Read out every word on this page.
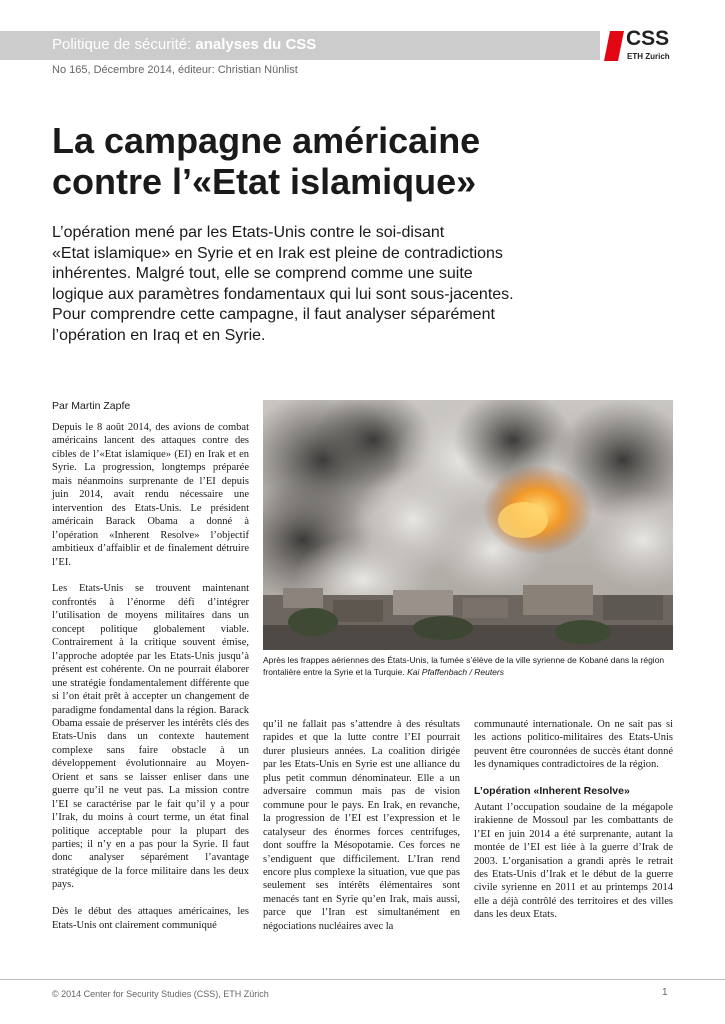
Politique de sécurité: analyses du CSS	CSS
ETH Zurich
No 165, Décembre 2014, éditeur: Christian Nünlist
La campagne américaine
contre l’«Etat islamique»
L’opération mené par les Etats-Unis contre le soi-disant
«Etat islamique» en Syrie et en Irak est pleine de contradictions
inhérentes. Malgré tout, elle se comprend comme une suite
logique aux paramètres fondamentaux qui lui sont sous-jacentes.
Pour comprendre cette campagne, il faut analyser séparément
l’opération en Iraq et en Syrie.
Par Martin Zapfe

Depuis le 8 août 2014, des avions de combat américains lancent des attaques contre des cibles de l’«Etat islamique» (EI) en Irak et en Syrie. La progression, longtemps préparée mais néanmoins surprenante de l’EI depuis juin 2014, avait rendu nécessaire une intervention des Etats-Unis. Le président américain Barack Obama a donné à l’opération «Inherent Resolve» l’objectif ambitieux d’affaiblir et de finalement détruire l’EI.

Les Etats-Unis se trouvent maintenant confrontés à l’énorme défi d’intégrer l’utilisation de moyens militaires dans un concept politique globalement viable. Contrairement à la critique souvent émise, l’approche adoptée par les Etats-Unis jusqu’à présent est cohérente. On ne pourrait élaborer une stratégie fondamentalement différente que si l’on était prêt à accepter un changement de paradigme fondamental dans la région. Barack Obama essaie de préserver les intérêts clés des Etats-Unis dans un contexte hautement complexe sans faire obstacle à un développement évolutionnaire au Moyen-Orient et sans se laisser enliser dans une guerre qu’il ne veut pas. La mission contre l’EI se caractérise par le fait qu’il y a pour l’Irak, du moins à court terme, un état final politique acceptable pour la plupart des parties; il n’y en a pas pour la Syrie. Il faut donc analyser séparément l’avantage stratégique de la force militaire dans les deux pays.

Dès le début des attaques américaines, les Etats-Unis ont clairement communiqué

Après les frappes aériennes des États-Unis, la fumée s’élève de la ville syrienne de Kobané dans la région frontalière entre la Syrie et la Turquie. Kai Pfaffenbach / Reuters

qu’il ne fallait pas s’attendre à des résultats rapides et que la lutte contre l’EI pourrait durer plusieurs années. La coalition dirigée par les Etats-Unis en Syrie est une alliance du plus petit commun dénominateur. Elle a un adversaire commun mais pas de vision commune pour le pays. En Irak, en revanche, la progression de l’EI est l’expression et le catalyseur des énormes forces centrifuges, dont souffre la Mésopotamie. Ces forces ne s’endiguent que difficilement. L’Iran rend encore plus complexe la situation, vue que pas seulement ses intérêts élémentaires sont menacés tant en Syrie qu’en Irak, mais aussi, parce que l’Iran est simultanément en négociations nucléaires avec la

communauté internationale. On ne sait pas si les actions politico-militaires des Etats-Unis peuvent être couronnées de succès étant donné les dynamiques contradictoires de la région.

L’opération «Inherent Resolve»

Autant l’occupation soudaine de la mégapole irakienne de Mossoul par les combattants de l’EI en juin 2014 a été surprenante, autant la montée de l’EI est liée à la guerre d’Irak de 2003. L’organisation a grandi après le retrait des Etats-Unis d’Irak et le début de la guerre civile syrienne en 2011 et au printemps 2014 elle a déjà contrôlé des territoires et des villes dans les deux Etats.

© 2014 Center for Security Studies (CSS), ETH Zürich	1
